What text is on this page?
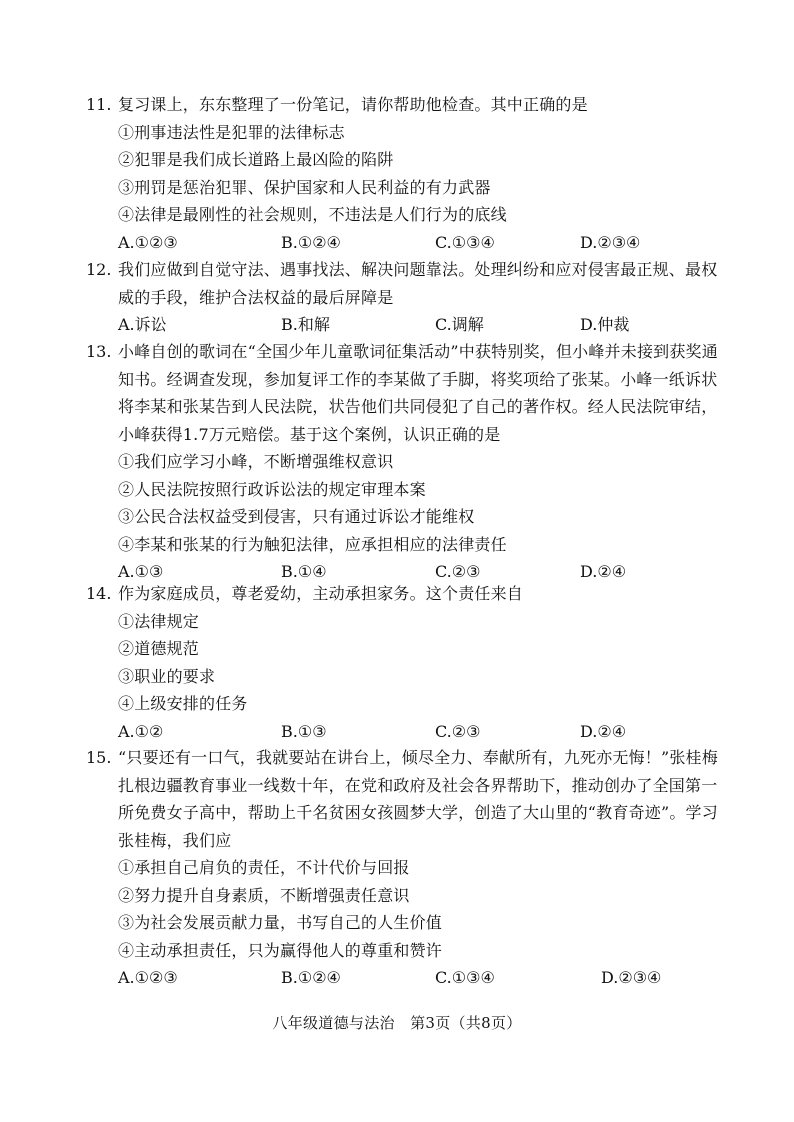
11. 复习课上，东东整理了一份笔记，请你帮助他检查。其中正确的是
①刑事违法性是犯罪的法律标志
②犯罪是我们成长道路上最凶险的陷阱
③刑罚是惩治犯罪、保护国家和人民利益的有力武器
④法律是最刚性的社会规则，不违法是人们行为的底线
A.①②③	B.①②④	C.①③④	D.②③④
12. 我们应做到自觉守法、遇事找法、解决问题靠法。处理纠纷和应对侵害最正规、最权威的手段，维护合法权益的最后屏障是
A.诉讼	B.和解	C.调解	D.仲裁
13. 小峰自创的歌词在“全国少年儿童歌词征集活动”中获特别奖，但小峰并未接到获奖通知书。经调查发现，参加复评工作的李某做了手脚，将奖项给了张某。小峰一纸诉状将李某和张某告到人民法院，状告他们共同侵犯了自己的著作权。经人民法院审结，小峰获得1.7万元赔偿。基于这个案例，认识正确的是
①我们应学习小峰，不断增强维权意识
②人民法院按照行政诉讼法的规定审理本案
③公民合法权益受到侵害，只有通过诉讼才能维权
④李某和张某的行为触犯法律，应承担相应的法律责任
A.①③	B.①④	C.②③	D.②④
14. 作为家庭成员，尊老爱幼，主动承担家务。这个责任来自
①法律规定
②道德规范
③职业的要求
④上级安排的任务
A.①②	B.①③	C.②③	D.②④
15. “只要还有一口气，我就要站在讲台上，倾尽全力、奉献所有，九死亦无悔！”张桂梅扎根边疆教育事业一线数十年，在党和政府及社会各界帮助下，推动创办了全国第一所免费女子高中，帮助上千名贫困女孩圆梦大学，创造了大山里的“教育奇迹”。学习张桂梅，我们应
①承担自己肩负的责任，不计代价与回报
②努力提升自身素质，不断增强责任意识
③为社会发展贡献力量，书写自己的人生价值
④主动承担责任，只为赢得他人的尊重和赞许
A.①②③	B.①②④	C.①③④	D.②③④
八年级道德与法治　第3页（共8页）
